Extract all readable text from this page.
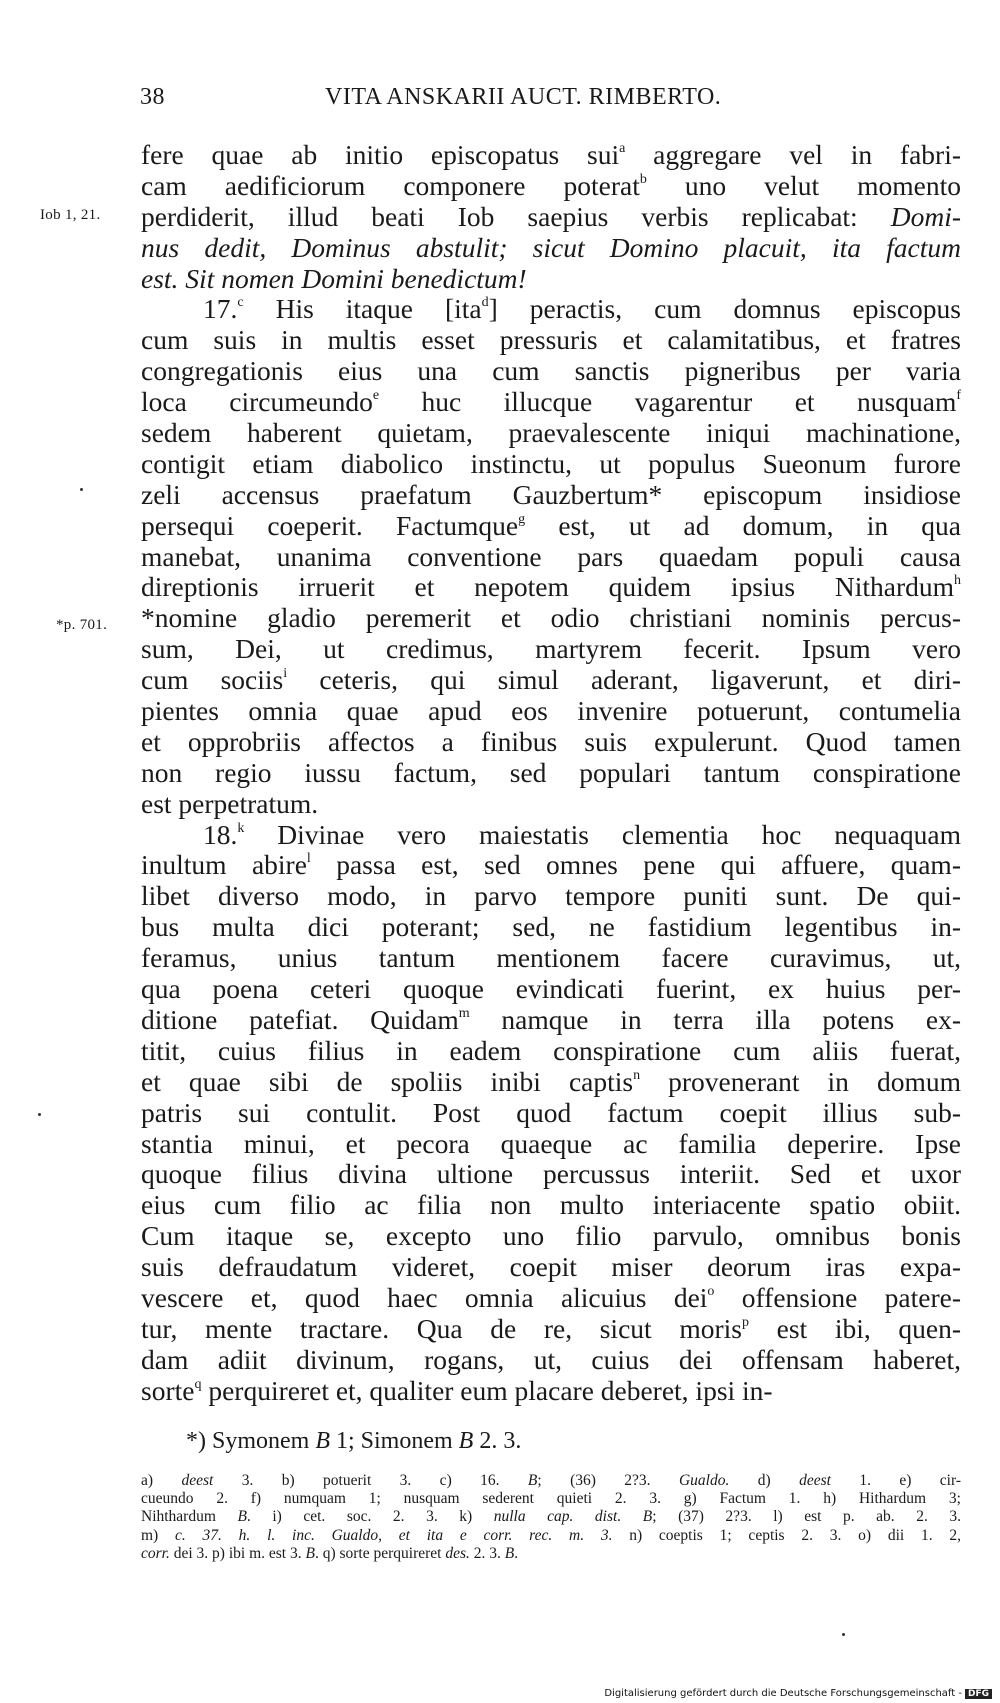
38	VITA ANSKARII AUCT. RIMBERTO.
Iob 1, 21.
*p. 701.
fere quae ab initio episcopatus sui$^a$ aggregare vel in fabri-
cam aedificiorum componere poterat$^b$ uno velut momento
perdiderit, illud beati Iob saepius verbis replicabat: Domi-
nus dedit, Dominus abstulit; sicut Domino placuit, ita factum
est. Sit nomen Domini benedictum!
17.$^c$ His itaque [ita$^d$] peractis, cum domnus episcopus
cum suis in multis esset pressuris et calamitatibus, et fratres
congregationis eius una cum sanctis pigneribus per varia
loca circumeundo$^e$ huc illucque vagarentur et nusquam$^f$
sedem haberent quietam, praevalescente iniqui machinatione,
contigit etiam diabolico instinctu, ut populus Sueonum furore
zeli accensus praefatum Gauzbertum* episcopum insidiose
persequi coeperit. Factumque$^g$ est, ut ad domum, in qua
manebat, unanima conventione pars quaedam populi causa
direptionis irruerit et nepotem quidem ipsius Nithardum$^h$
*nomine gladio peremerit et odio christiani nominis percus-
sum, Dei, ut credimus, martyrem fecerit. Ipsum vero
cum sociis$^i$ ceteris, qui simul aderant, ligaverunt, et diri-
pientes omnia quae apud eos invenire potuerunt, contumelia
et opprobriis affectos a finibus suis expulerunt. Quod tamen
non regio iussu factum, sed populari tantum conspiratione
est perpetratum.
18.$^k$ Divinae vero maiestatis clementia hoc nequaquam
inultum abire$^l$ passa est, sed omnes pene qui affuere, quam-
libet diverso modo, in parvo tempore puniti sunt. De qui-
bus multa dici poterant; sed, ne fastidium legentibus in-
feramus, unius tantum mentionem facere curavimus, ut,
qua poena ceteri quoque evindicati fuerint, ex huius per-
ditione patefiat. Quidam$^m$ namque in terra illa potens ex-
titit, cuius filius in eadem conspiratione cum aliis fuerat,
et quae sibi de spoliis inibi captis$^n$ provenerant in domum
patris sui contulit. Post quod factum coepit illius sub-
stantia minui, et pecora quaeque ac familia deperire. Ipse
quoque filius divina ultione percussus interiit. Sed et uxor
eius cum filio ac filia non multo interiacente spatio obiit.
Cum itaque se, excepto uno filio parvulo, omnibus bonis
suis defraudatum videret, coepit miser deorum iras expa-
vescere et, quod haec omnia alicuius dei$^o$ offensione patere-
tur, mente tractare. Qua de re, sicut moris$^p$ est ibi, quen-
dam adiit divinum, rogans, ut, cuius dei offensam haberet,
sorte$^q$ perquireret et, qualiter eum placare deberet, ipsi in-
*) Symonem B 1; Simonem B 2. 3.
a) deest 3. b) potuerit 3. c) 16. B; (36) 2?3. Gualdo. d) deest 1. e) cir-
cueundo 2. f) numquam 1; nusquam sederent quieti 2. 3. g) Factum 1. h) Hithardum 3;
Nihthardum B. i) cet. soc. 2. 3. k) nulla cap. dist. B; (37) 2?3. l) est p. ab. 2. 3.
m) c. 37. h. l. inc. Gualdo, et ita e corr. rec. m. 3. n) coeptis 1; ceptis 2. 3. o) dii 1. 2,
corr. dei 3. p) ibi m. est 3. B. q) sorte perquireret des. 2. 3. B.
Digitalisierung gefördert durch die Deutsche Forschungsgemeinschaft - DFG
